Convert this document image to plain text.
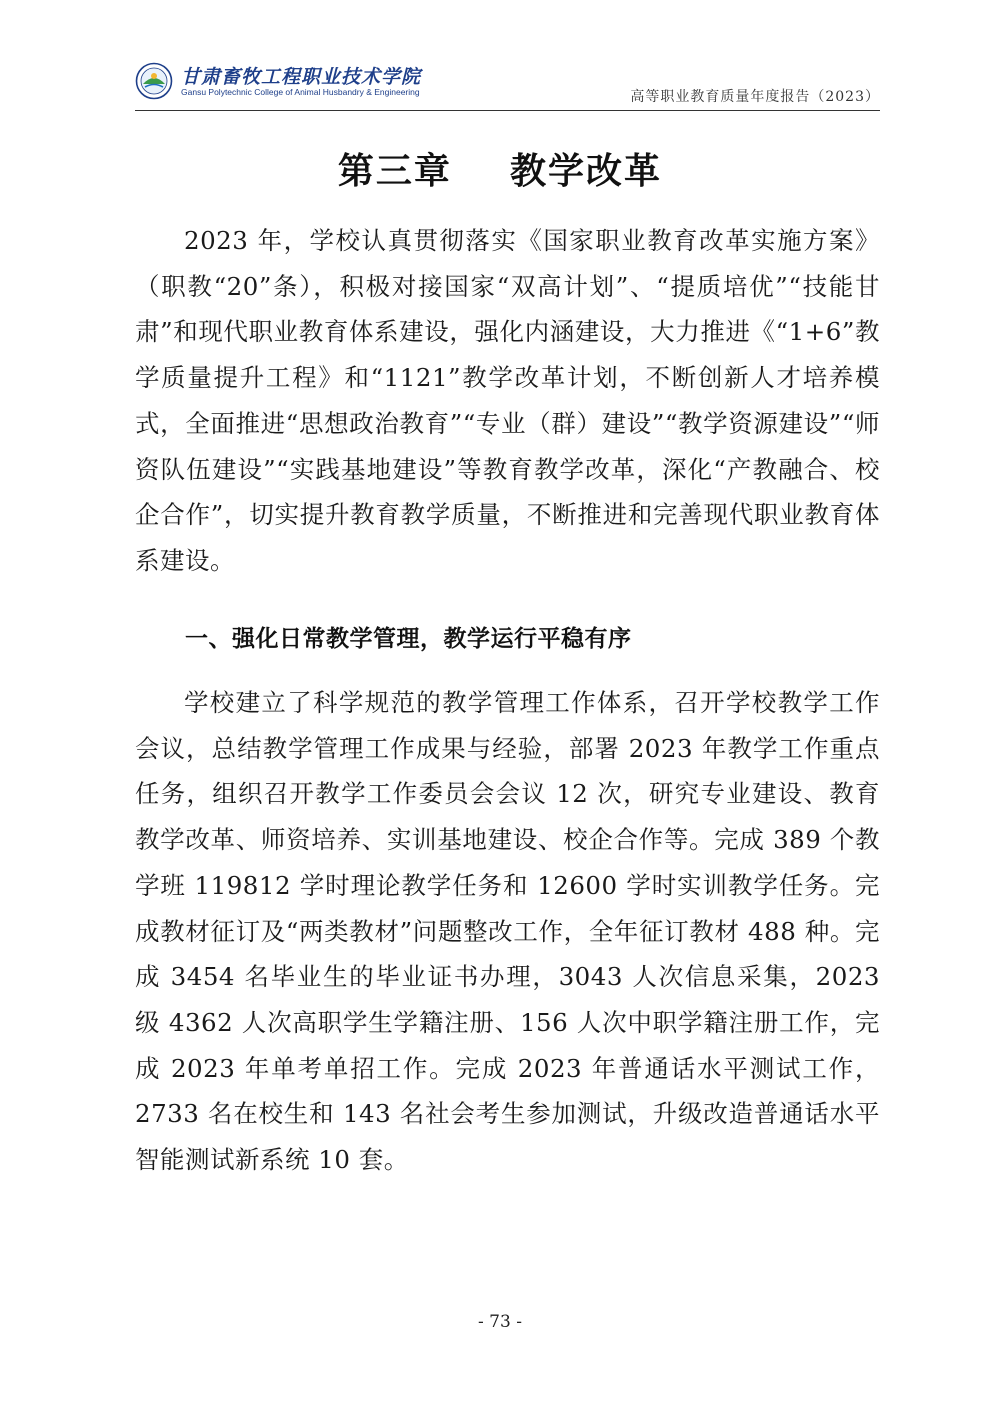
甘肃畜牧工程职业技术学院
Gansu Polytechnic College of Animal Husbandry & Engineering	高等职业教育质量年度报告（2023）
第三章    教学改革

2023 年，学校认真贯彻落实《国家职业教育改革实施方案》（职教“20”条），积极对接国家“双高计划”、“提质培优”“技能甘肃”和现代职业教育体系建设，强化内涵建设，大力推进《“1+6”教学质量提升工程》和“1121”教学改革计划，不断创新人才培养模式，全面推进“思想政治教育”“专业（群）建设”“教学资源建设”“师资队伍建设”“实践基地建设”等教育教学改革，深化“产教融合、校企合作”，切实提升教育教学质量，不断推进和完善现代职业教育体系建设。

一、强化日常教学管理，教学运行平稳有序

学校建立了科学规范的教学管理工作体系，召开学校教学工作会议，总结教学管理工作成果与经验，部署 2023 年教学工作重点任务，组织召开教学工作委员会会议 12 次，研究专业建设、教育教学改革、师资培养、实训基地建设、校企合作等。完成 389 个教学班 119812 学时理论教学任务和 12600 学时实训教学任务。完成教材征订及“两类教材”问题整改工作，全年征订教材 488 种。完成 3454 名毕业生的毕业证书办理，3043 人次信息采集，2023 级 4362 人次高职学生学籍注册、156 人次中职学籍注册工作，完成 2023 年单考单招工作。完成 2023 年普通话水平测试工作，2733 名在校生和 143 名社会考生参加测试，升级改造普通话水平智能测试新系统 10 套。

- 73 -
